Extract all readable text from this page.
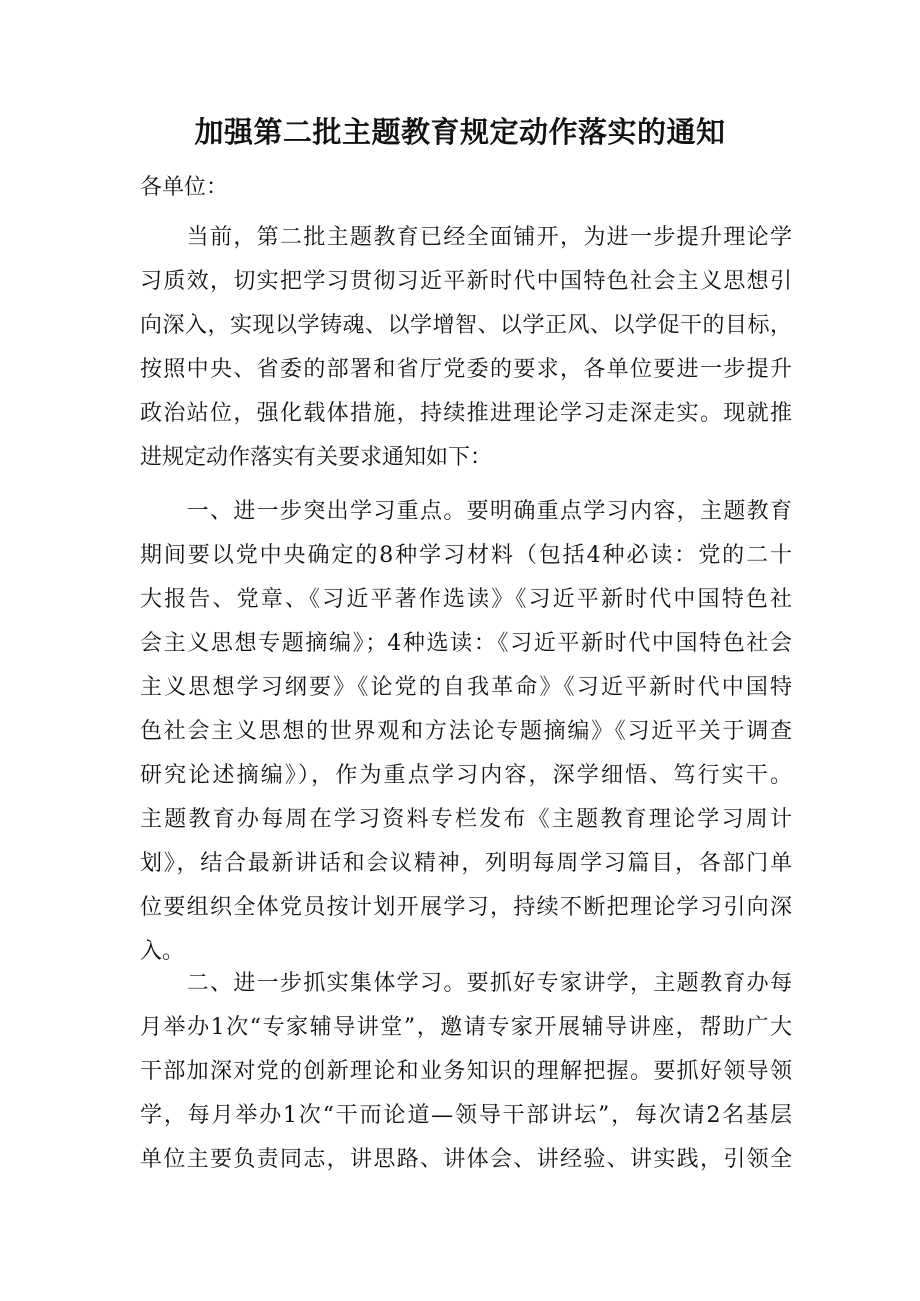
加强第二批主题教育规定动作落实的通知

各单位：

　　当前，第二批主题教育已经全面铺开，为进一步提升理论学
习质效，切实把学习贯彻习近平新时代中国特色社会主义思想引
向深入，实现以学铸魂、以学增智、以学正风、以学促干的目标，
按照中央、省委的部署和省厅党委的要求，各单位要进一步提升
政治站位，强化载体措施，持续推进理论学习走深走实。现就推
进规定动作落实有关要求通知如下：
　　一、进一步突出学习重点。要明确重点学习内容，主题教育
期间要以党中央确定的8种学习材料（包括4种必读：党的二十
大报告、党章、《习近平著作选读》《习近平新时代中国特色社
会主义思想专题摘编》；4种选读：《习近平新时代中国特色社会
主义思想学习纲要》《论党的自我革命》《习近平新时代中国特
色社会主义思想的世界观和方法论专题摘编》《习近平关于调查
研究论述摘编》），作为重点学习内容，深学细悟、笃行实干。
主题教育办每周在学习资料专栏发布《主题教育理论学习周计
划》，结合最新讲话和会议精神，列明每周学习篇目，各部门单
位要组织全体党员按计划开展学习，持续不断把理论学习引向深
入。
　　二、进一步抓实集体学习。要抓好专家讲学，主题教育办每
月举办1次“专家辅导讲堂”，邀请专家开展辅导讲座，帮助广大
干部加深对党的创新理论和业务知识的理解把握。要抓好领导领
学，每月举办1次“干而论道—领导干部讲坛”，每次请2名基层
单位主要负责同志，讲思路、讲体会、讲经验、讲实践，引领全
